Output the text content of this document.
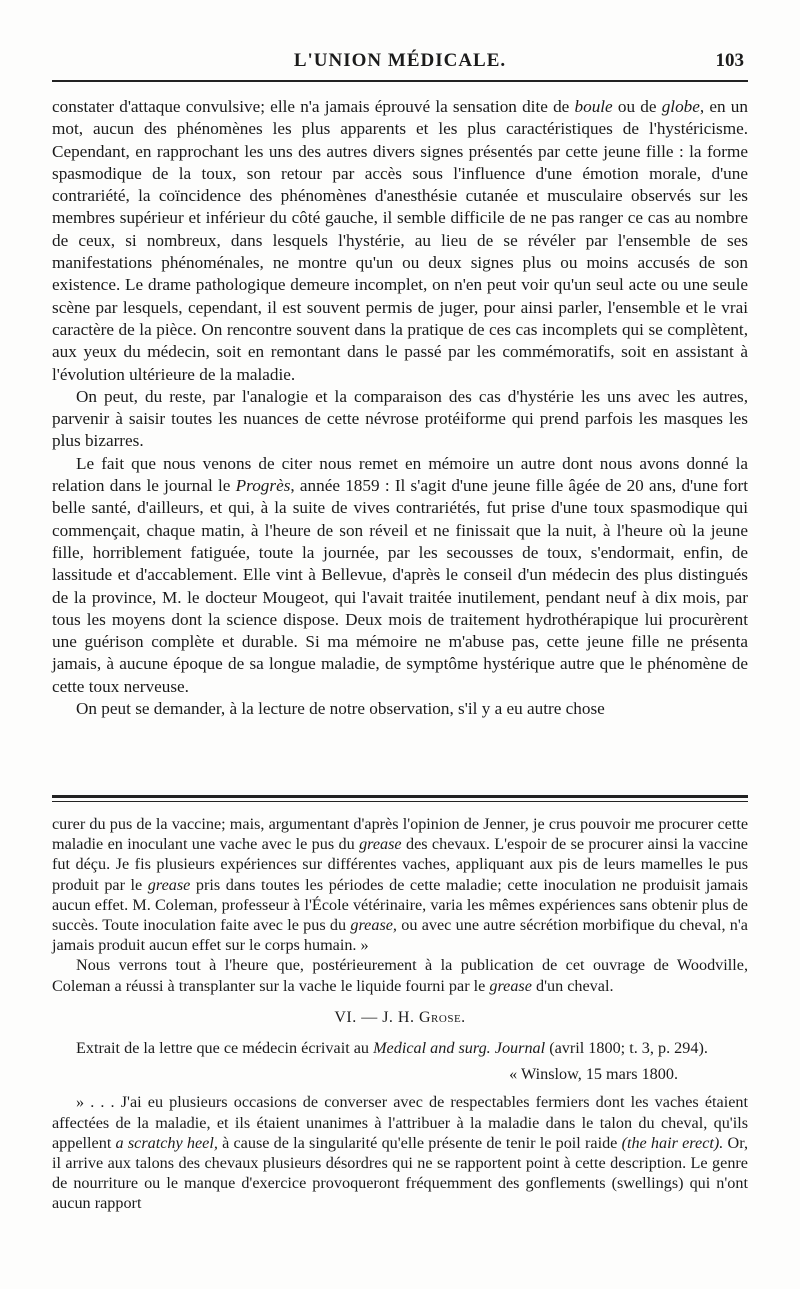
L'UNION MÉDICALE.	103

constater d'attaque convulsive; elle n'a jamais éprouvé la sensation dite de boule ou de globe, en un mot, aucun des phénomènes les plus apparents et les plus caractéristiques de l'hystéricisme. Cependant, en rapprochant les uns des autres divers signes présentés par cette jeune fille : la forme spasmodique de la toux, son retour par accès sous l'influence d'une émotion morale, d'une contrariété, la coïncidence des phénomènes d'anesthésie cutanée et musculaire observés sur les membres supérieur et inférieur du côté gauche, il semble difficile de ne pas ranger ce cas au nombre de ceux, si nombreux, dans lesquels l'hystérie, au lieu de se révéler par l'ensemble de ses manifestations phénoménales, ne montre qu'un ou deux signes plus ou moins accusés de son existence. Le drame pathologique demeure incomplet, on n'en peut voir qu'un seul acte ou une seule scène par lesquels, cependant, il est souvent permis de juger, pour ainsi parler, l'ensemble et le vrai caractère de la pièce. On rencontre souvent dans la pratique de ces cas incomplets qui se complètent, aux yeux du médecin, soit en remontant dans le passé par les commémoratifs, soit en assistant à l'évolution ultérieure de la maladie.

On peut, du reste, par l'analogie et la comparaison des cas d'hystérie les uns avec les autres, parvenir à saisir toutes les nuances de cette névrose protéiforme qui prend parfois les masques les plus bizarres.

Le fait que nous venons de citer nous remet en mémoire un autre dont nous avons donné la relation dans le journal le Progrès, année 1859 : Il s'agit d'une jeune fille âgée de 20 ans, d'une fort belle santé, d'ailleurs, et qui, à la suite de vives contrariétés, fut prise d'une toux spasmodique qui commençait, chaque matin, à l'heure de son réveil et ne finissait que la nuit, à l'heure où la jeune fille, horriblement fatiguée, toute la journée, par les secousses de toux, s'endormait, enfin, de lassitude et d'accablement. Elle vint à Bellevue, d'après le conseil d'un médecin des plus distingués de la province, M. le docteur Mougeot, qui l'avait traitée inutilement, pendant neuf à dix mois, par tous les moyens dont la science dispose. Deux mois de traitement hydrothérapique lui procurèrent une guérison complète et durable. Si ma mémoire ne m'abuse pas, cette jeune fille ne présenta jamais, à aucune époque de sa longue maladie, de symptôme hystérique autre que le phénomène de cette toux nerveuse.

On peut se demander, à la lecture de notre observation, s'il y a eu autre chose

curer du pus de la vaccine; mais, argumentant d'après l'opinion de Jenner, je crus pouvoir me procurer cette maladie en inoculant une vache avec le pus du grease des chevaux. L'espoir de se procurer ainsi la vaccine fut déçu. Je fis plusieurs expériences sur différentes vaches, appliquant aux pis de leurs mamelles le pus produit par le grease pris dans toutes les périodes de cette maladie; cette inoculation ne produisit jamais aucun effet. M. Coleman, professeur à l'École vétérinaire, varia les mêmes expériences sans obtenir plus de succès. Toute inoculation faite avec le pus du grease, ou avec une autre sécrétion morbifique du cheval, n'a jamais produit aucun effet sur le corps humain. »

Nous verrons tout à l'heure que, postérieurement à la publication de cet ouvrage de Woodville, Coleman a réussi à transplanter sur la vache le liquide fourni par le grease d'un cheval.

VI. — J. H. Grose.

Extrait de la lettre que ce médecin écrivait au Medical and surg. Journal (avril 1800; t. 3, p. 294).

« Winslow, 15 mars 1800.

» . . . J'ai eu plusieurs occasions de converser avec de respectables fermiers dont les vaches étaient affectées de la maladie, et ils étaient unanimes à l'attribuer à la maladie dans le talon du cheval, qu'ils appellent a scratchy heel, à cause de la singularité qu'elle présente de tenir le poil raide (the hair erect). Or, il arrive aux talons des chevaux plusieurs désordres qui ne se rapportent point à cette description. Le genre de nourriture ou le manque d'exercice provoqueront fréquemment des gonflements (swellings) qui n'ont aucun rapport
